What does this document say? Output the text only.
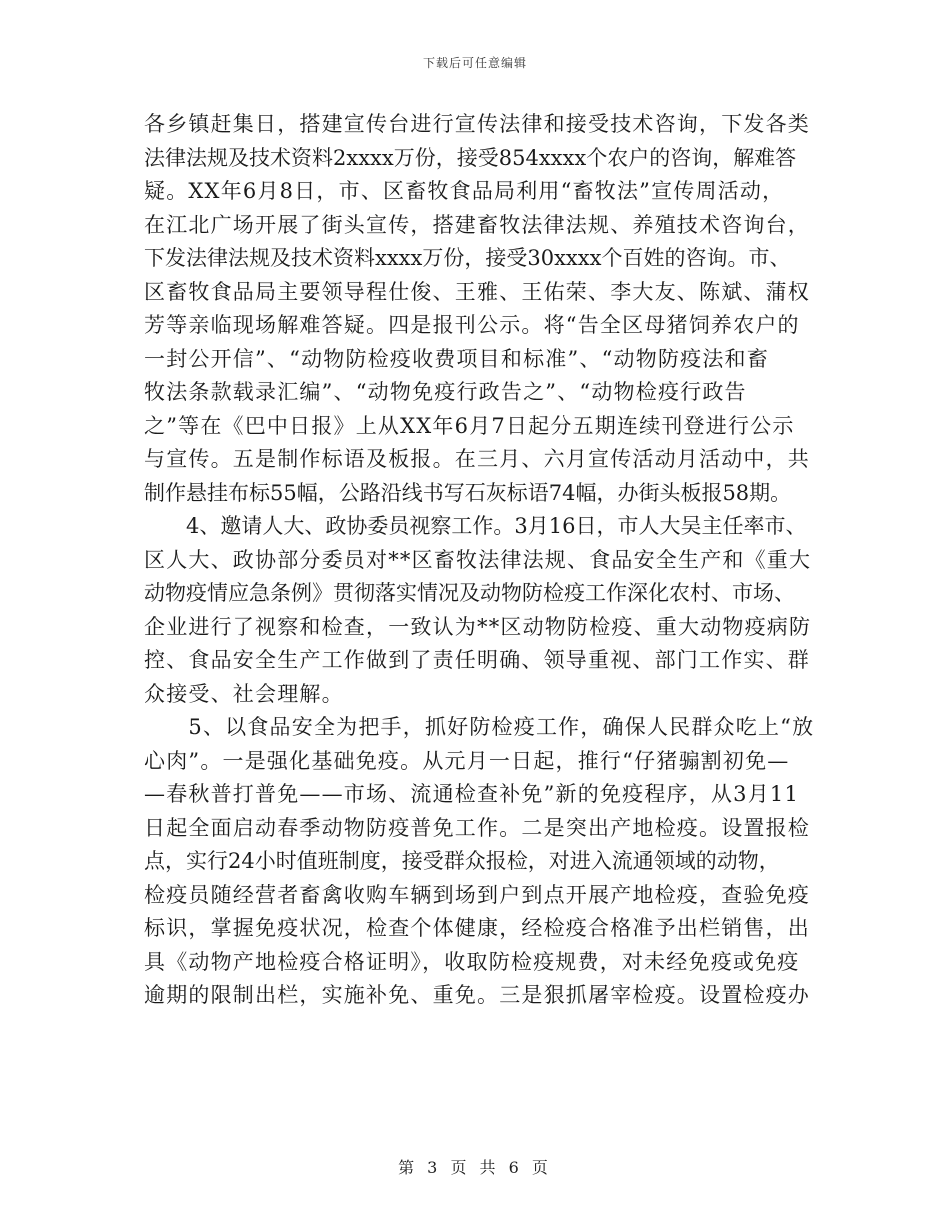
下载后可任意编辑
各乡镇赶集日，搭建宣传台进行宣传法律和接受技术咨询，下发各类
法律法规及技术资料2xxxx万份，接受854xxxx个农户的咨询，解难答
疑。XX年6月8日，市、区畜牧食品局利用“畜牧法”宣传周活动，
在江北广场开展了街头宣传，搭建畜牧法律法规、养殖技术咨询台，
下发法律法规及技术资料xxxx万份，接受30xxxx个百姓的咨询。市、
区畜牧食品局主要领导程仕俊、王雅、王佑荣、李大友、陈斌、蒲权
芳等亲临现场解难答疑。四是报刊公示。将“告全区母猪饲养农户的
一封公开信”、“动物防检疫收费项目和标准”、“动物防疫法和畜
牧法条款载录汇编”、“动物免疫行政告之”、“动物检疫行政告
之”等在《巴中日报》上从XX年6月7日起分五期连续刊登进行公示
与宣传。五是制作标语及板报。在三月、六月宣传活动月活动中，共
制作悬挂布标55幅，公路沿线书写石灰标语74幅，办街头板报58期。
　　4、邀请人大、政协委员视察工作。3月16日，市人大吴主任率市、
区人大、政协部分委员对**区畜牧法律法规、食品安全生产和《重大
动物疫情应急条例》贯彻落实情况及动物防检疫工作深化农村、市场、
企业进行了视察和检查，一致认为**区动物防检疫、重大动物疫病防
控、食品安全生产工作做到了责任明确、领导重视、部门工作实、群
众接受、社会理解。
　　5、以食品安全为把手，抓好防检疫工作，确保人民群众吃上“放
心肉”。一是强化基础免疫。从元月一日起，推行“仔猪骟割初免—
—春秋普打普免——市场、流通检查补免”新的免疫程序，从3月11
日起全面启动春季动物防疫普免工作。二是突出产地检疫。设置报检
点，实行24小时值班制度，接受群众报检，对进入流通领域的动物，
检疫员随经营者畜禽收购车辆到场到户到点开展产地检疫，查验免疫
标识，掌握免疫状况，检查个体健康，经检疫合格准予出栏销售，出
具《动物产地检疫合格证明》，收取防检疫规费，对未经免疫或免疫
逾期的限制出栏，实施补免、重免。三是狠抓屠宰检疫。设置检疫办
第 3 页 共 6 页
